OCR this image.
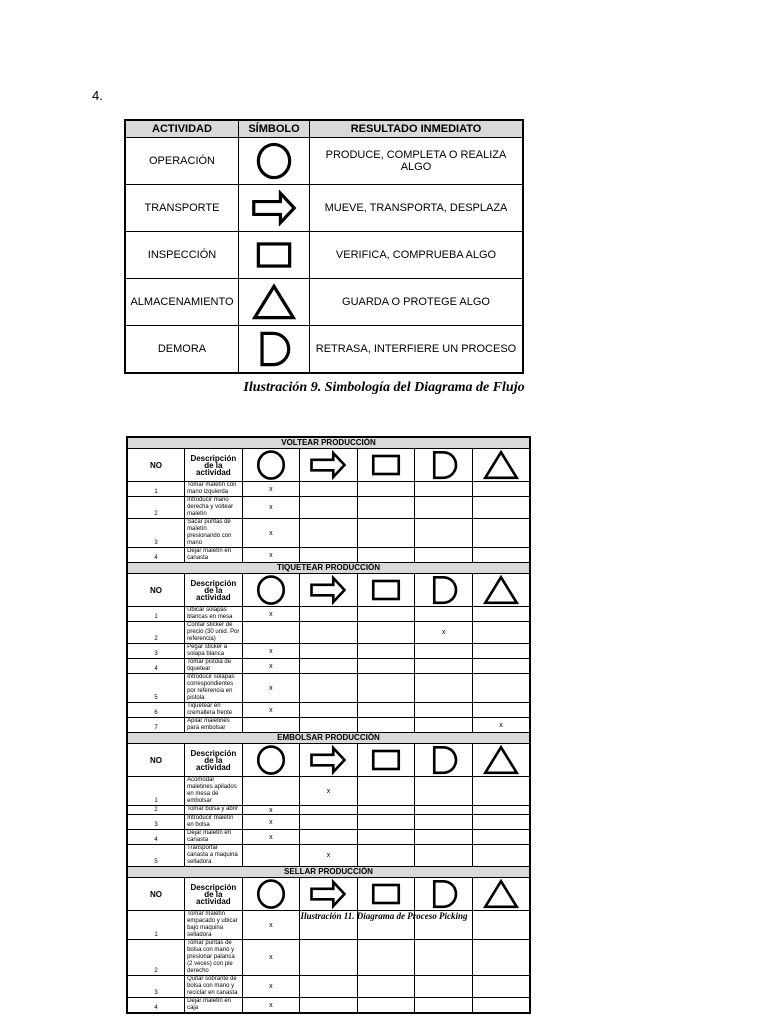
4.
ACTIVIDAD	SÍMBOLO	RESULTADO INMEDIATO
OPERACIÓN		PRODUCE, COMPLETA O REALIZA ALGO
TRANSPORTE		MUEVE, TRANSPORTA, DESPLAZA
INSPECCIÓN		VERIFICA, COMPRUEBA ALGO
ALMACENAMIENTO		GUARDA O PROTEGE ALGO
DEMORA		RETRASA, INTERFIERE UN PROCESO
Ilustración 9. Simbología del Diagrama de Flujo
VOLTEAR PRODUCCIÓN						
NO	Descripción de la actividad	

1	Tomar maletín con mano izquierda	x				
2	Introducir mano derecha y voltear maletín	x				
3	Sacar puntas de maletín presionando con mano	x				
4	Dejar maletín en canasta	x				
TIQUETEAR PRODUCCIÓN						
NO	Descripción de la actividad	

1	Ubicar solapas blancas en mesa	x				
2	Contar sticker de precio (30 unid. Por referencia)				x	
3	Pegar sticker a solapa blanca	x				
4	Tomar pistola de tiquetear	x				
5	Introducir solapas correspondientes por referencia en pistola	x				
6	Tiquetear en cremallera frente	x				
7	Apilar maletines para embolsar					x
EMBOLSAR PRODUCCIÓN						
NO	Descripción de la actividad	

1	Acomodar maletines apilados en mesa de embolsar		x			
2	Tomar bolsa y abrir	x				
3	Introducir maletín en bolsa	x				
4	Dejar maletín en canasta	x				
5	Transportar canasta a maquina selladora		x			
SELLAR PRODUCCIÓN						
NO	Descripción de la actividad	

1	Tomar maletín empacado y ubicar bajo maquina selladora	x				
2	Tomar puntas de bolsa con mano y presionar palanca (2 veces) con pie derecho	x				
3	Quitar sobrante de bolsa con mano y reciclar en canasta	x				
4	Dejar maletín en caja	x				
Ilustración 11. Diagrama de Proceso Picking
